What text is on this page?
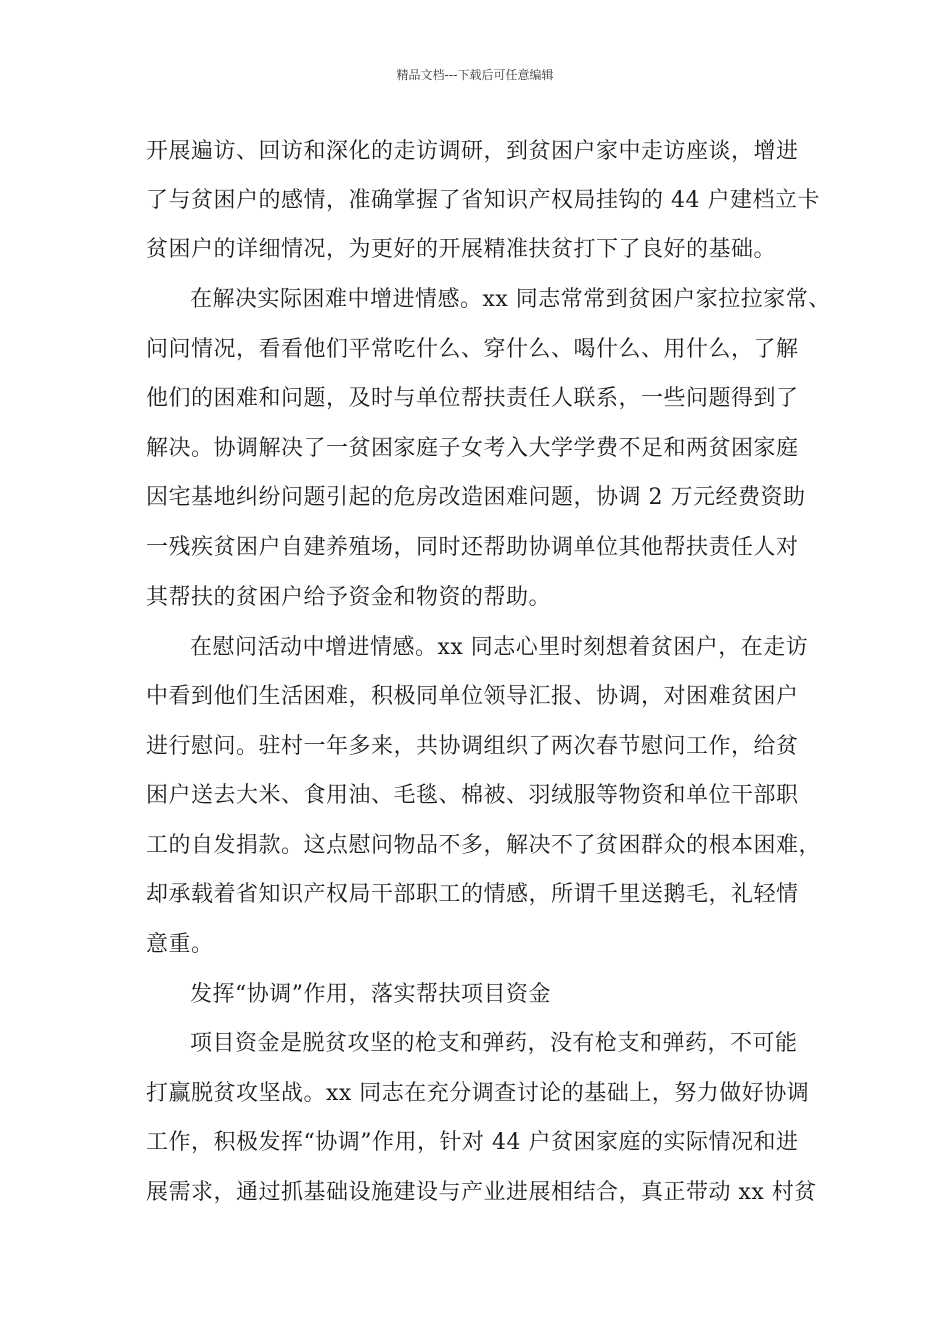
精品文档---下载后可任意编辑
开展遍访、回访和深化的走访调研，到贫困户家中走访座谈，增进
了与贫困户的感情，准确掌握了省知识产权局挂钩的 44 户建档立卡
贫困户的详细情况，为更好的开展精准扶贫打下了良好的基础。
在解决实际困难中增进情感。xx 同志常常到贫困户家拉拉家常、
问问情况，看看他们平常吃什么、穿什么、喝什么、用什么，了解
他们的困难和问题，及时与单位帮扶责任人联系，一些问题得到了
解决。协调解决了一贫困家庭子女考入大学学费不足和两贫困家庭
因宅基地纠纷问题引起的危房改造困难问题，协调 2 万元经费资助
一残疾贫困户自建养殖场，同时还帮助协调单位其他帮扶责任人对
其帮扶的贫困户给予资金和物资的帮助。
在慰问活动中增进情感。xx 同志心里时刻想着贫困户，在走访
中看到他们生活困难，积极同单位领导汇报、协调，对困难贫困户
进行慰问。驻村一年多来，共协调组织了两次春节慰问工作，给贫
困户送去大米、食用油、毛毯、棉被、羽绒服等物资和单位干部职
工的自发捐款。这点慰问物品不多，解决不了贫困群众的根本困难，
却承载着省知识产权局干部职工的情感，所谓千里送鹅毛，礼轻情
意重。
发挥“协调”作用，落实帮扶项目资金
项目资金是脱贫攻坚的枪支和弹药，没有枪支和弹药，不可能
打赢脱贫攻坚战。xx 同志在充分调查讨论的基础上，努力做好协调
工作，积极发挥“协调”作用，针对 44 户贫困家庭的实际情况和进
展需求，通过抓基础设施建设与产业进展相结合，真正带动 xx 村贫
